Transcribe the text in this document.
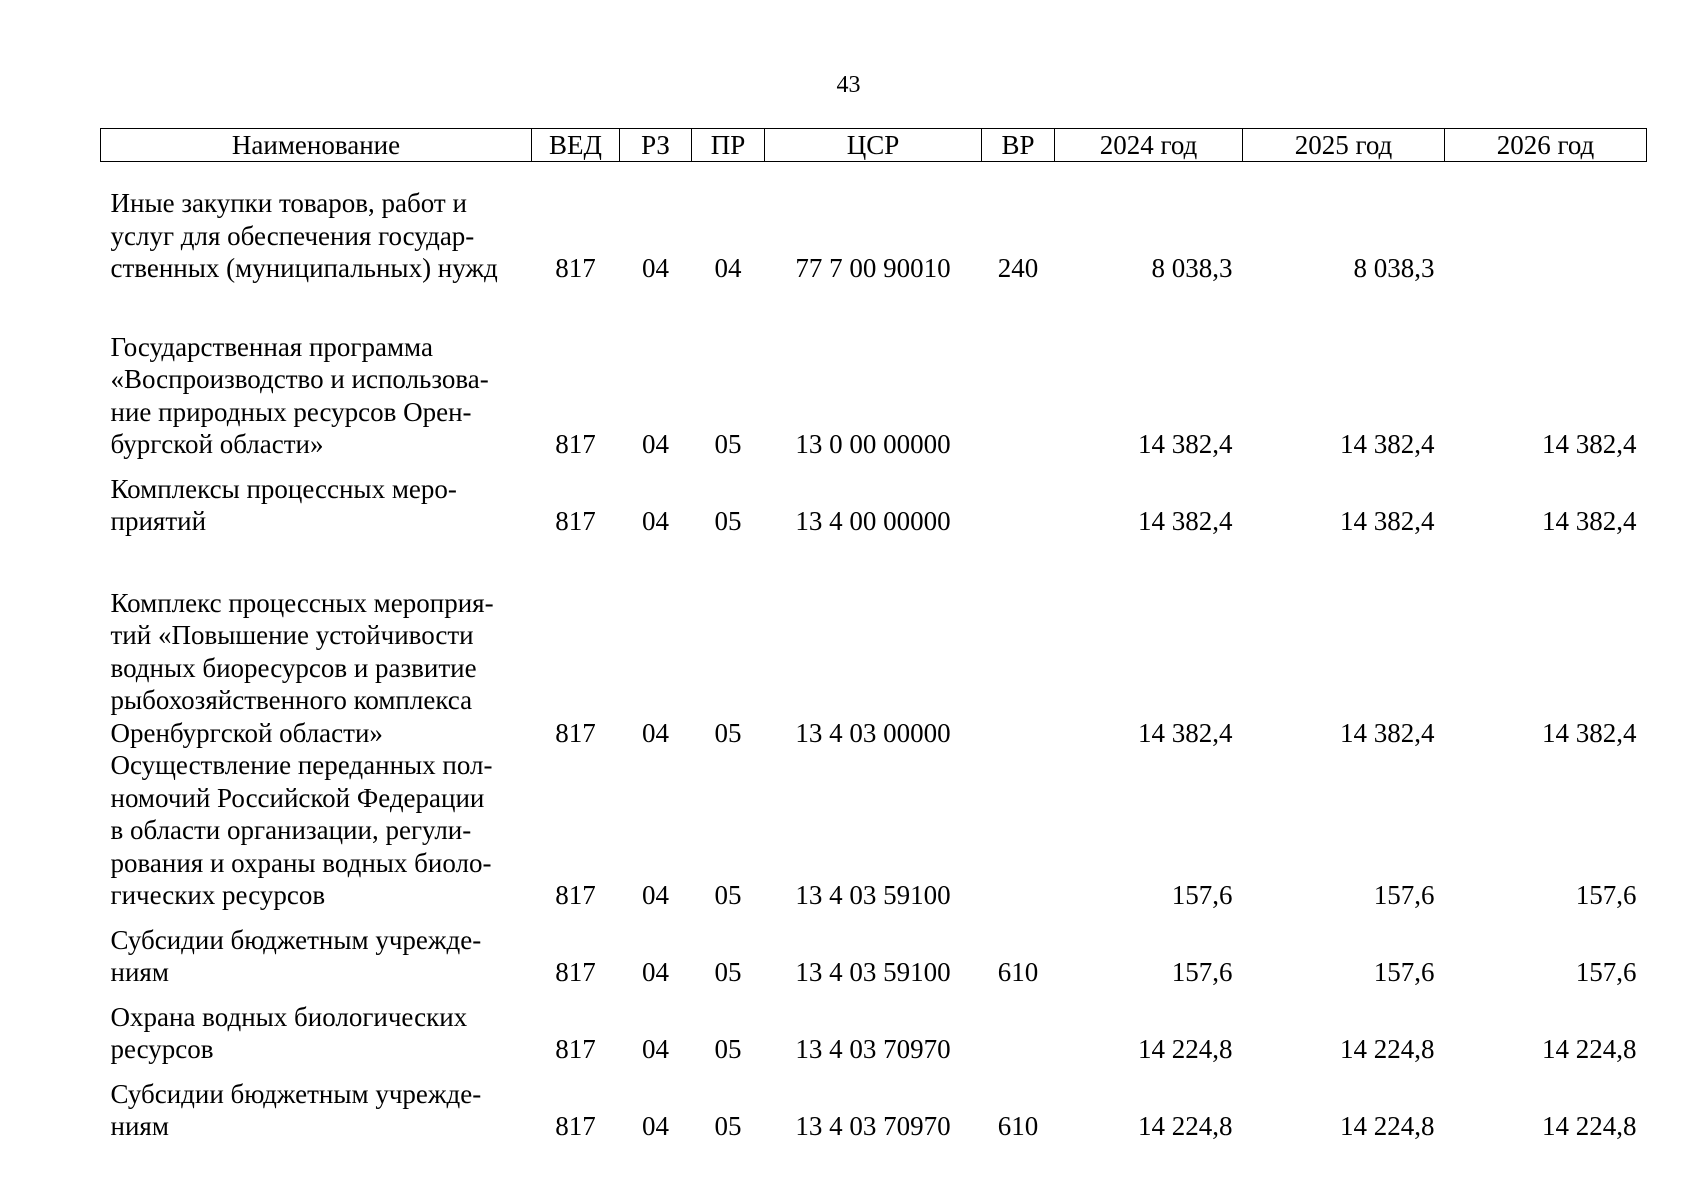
43
Наименование	ВЕД	РЗ	ПР	ЦСР	ВР	2024 год	2025 год	2026 год
Иные закупки товаров, работ и
услуг для обеспечения государ-
ственных (муниципальных) нужд	817	04	04	77 7 00 90010	240	8 038,3	8 038,3	
Государственная программа
«Воспроизводство и использова-
ние природных ресурсов Орен-
бургской области»	817	04	05	13 0 00 00000		14 382,4	14 382,4	14 382,4
Комплексы процессных меро-
приятий	817	04	05	13 4 00 00000		14 382,4	14 382,4	14 382,4
Комплекс процессных мероприя-
тий «Повышение устойчивости
водных биоресурсов и развитие
рыбохозяйственного комплекса
Оренбургской области»	817	04	05	13 4 03 00000		14 382,4	14 382,4	14 382,4
Осуществление переданных пол-
номочий Российской Федерации
в области организации, регули-
рования и охраны водных биоло-
гических ресурсов	817	04	05	13 4 03 59100		157,6	157,6	157,6
Субсидии бюджетным учрежде-
ниям	817	04	05	13 4 03 59100	610	157,6	157,6	157,6
Охрана водных биологических
ресурсов	817	04	05	13 4 03 70970		14 224,8	14 224,8	14 224,8
Субсидии бюджетным учрежде-
ниям	817	04	05	13 4 03 70970	610	14 224,8	14 224,8	14 224,8
